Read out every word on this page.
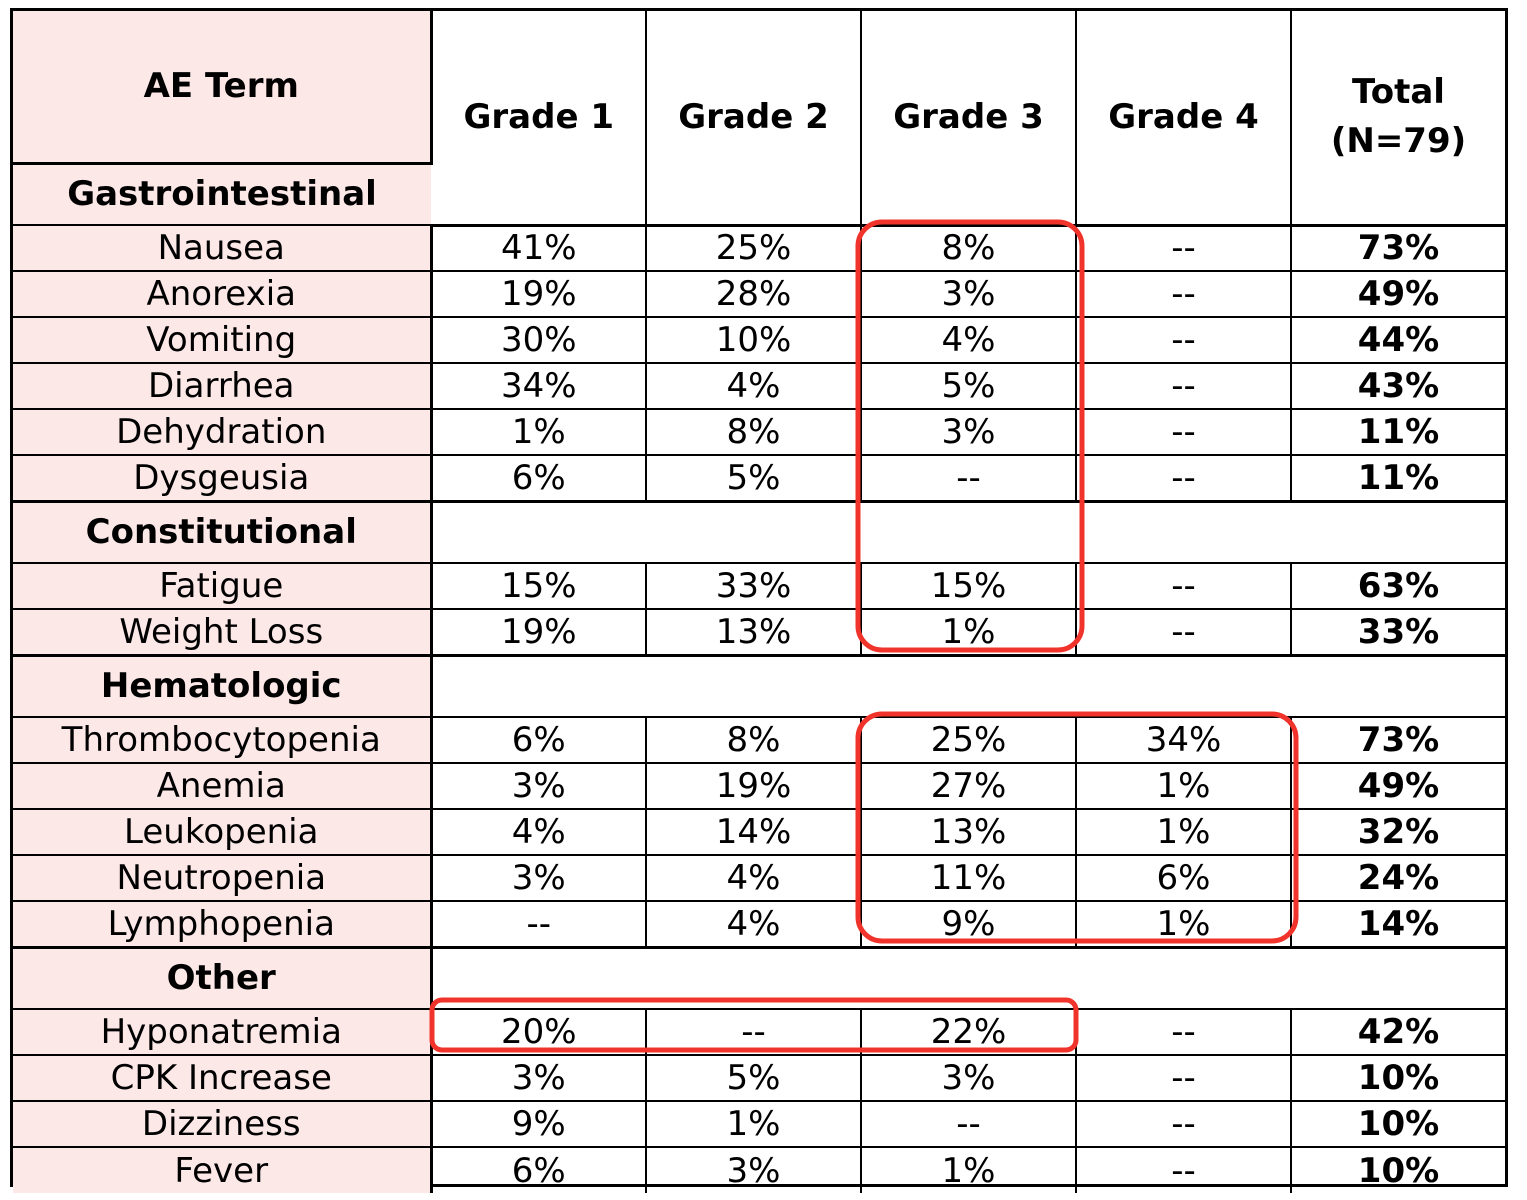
AE Term	Grade 1	Grade 2	Grade 3	Grade 4	Total
(N=79)
Gastrointestinal					
Nausea	41%	25%	8%	--	73%
Anorexia	19%	28%	3%	--	49%
Vomiting	30%	10%	4%	--	44%
Diarrhea	34%	4%	5%	--	43%
Dehydration	1%	8%	3%	--	11%
Dysgeusia	6%	5%	--	--	11%
Constitutional					
Fatigue	15%	33%	15%	--	63%
Weight Loss	19%	13%	1%	--	33%
Hematologic					
Thrombocytopenia	6%	8%	25%	34%	73%
Anemia	3%	19%	27%	1%	49%
Leukopenia	4%	14%	13%	1%	32%
Neutropenia	3%	4%	11%	6%	24%
Lymphopenia	--	4%	9%	1%	14%
Other					
Hyponatremia	20%	--	22%	--	42%
CPK Increase	3%	5%	3%	--	10%
Dizziness	9%	1%	--	--	10%
Fever	6%	3%	1%	--	10%
